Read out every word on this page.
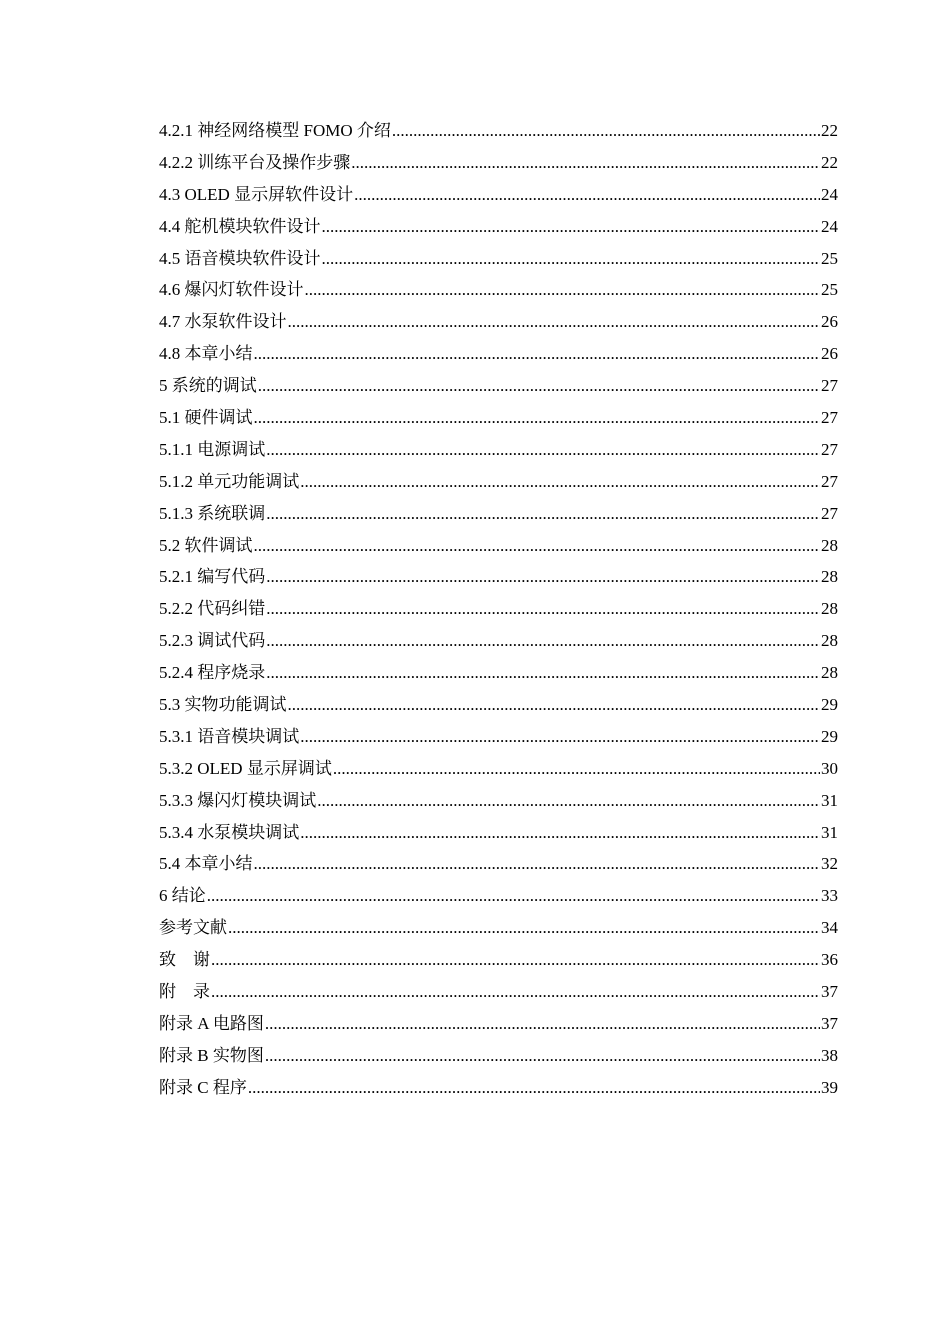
4.2.1 神经网络模型 FOMO 介绍 .....	22
4.2.2 训练平台及操作步骤 .....	22
4.3 OLED 显示屏软件设计 .....	24
4.4 舵机模块软件设计 .....	24
4.5 语音模块软件设计 .....	25
4.6 爆闪灯软件设计 .....	25
4.7 水泵软件设计 .....	26
4.8 本章小结 .....	26
5 系统的调试 .....	27
5.1 硬件调试 .....	27
5.1.1 电源调试 .....	27
5.1.2 单元功能调试 .....	27
5.1.3 系统联调 .....	27
5.2 软件调试 .....	28
5.2.1 编写代码 .....	28
5.2.2 代码纠错 .....	28
5.2.3 调试代码 .....	28
5.2.4 程序烧录 .....	28
5.3 实物功能调试 .....	29
5.3.1 语音模块调试 .....	29
5.3.2 OLED 显示屏调试 .....	30
5.3.3 爆闪灯模块调试 .....	31
5.3.4 水泵模块调试 .....	31
5.4 本章小结 .....	32
6 结论 .....	33
参考文献 .....	34
致　谢 .....	36
附　录 .....	37
附录 A 电路图 .....	37
附录 B 实物图 .....	38
附录 C 程序 .....	39
